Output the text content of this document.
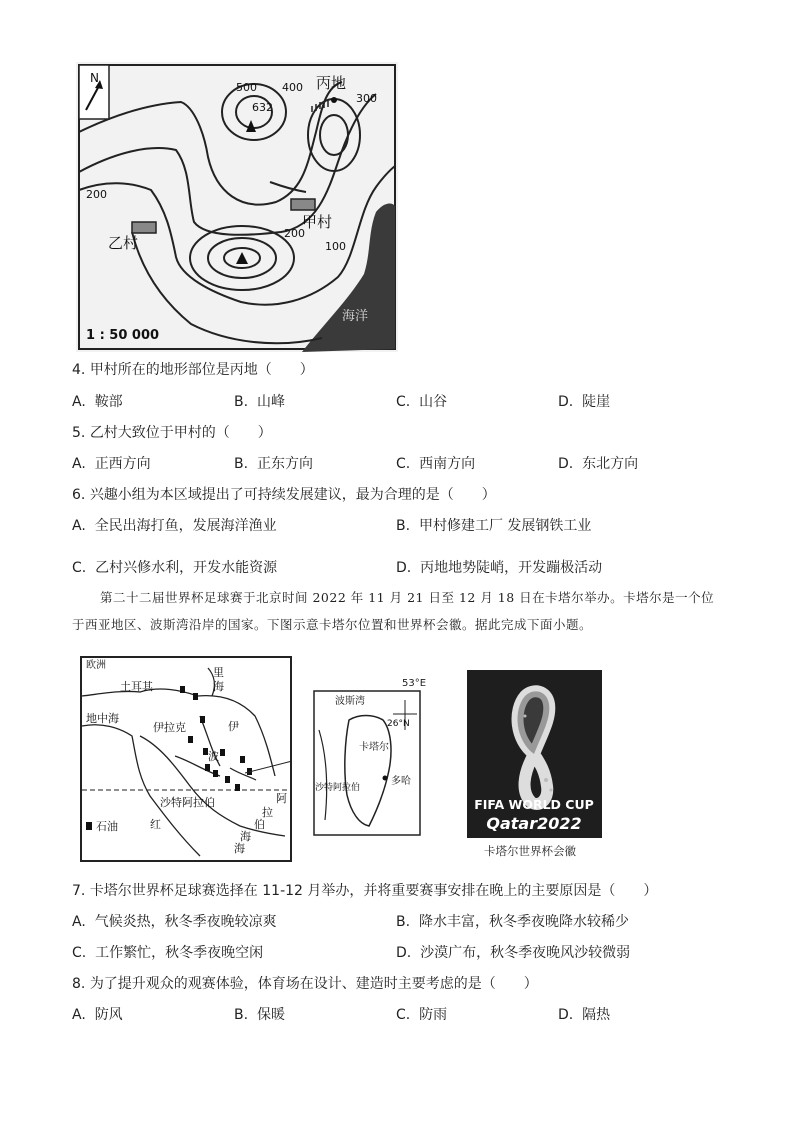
N
500
632
400
300
200
200
100
丙地
甲村
乙村
海洋
1 : 50 000
4. 甲村所在的地形部位是丙地（　　）
A. 鞍部	B. 山峰	C. 山谷	D. 陡崖
5. 乙村大致位于甲村的（　　）
A. 正西方向	B. 正东方向	C. 西南方向	D. 东北方向
6. 兴趣小组为本区域提出了可持续发展建议，最为合理的是（　　）
A. 全民出海打鱼，发展海洋渔业	B. 甲村修建工厂 发展钢铁工业
C. 乙村兴修水利，开发水能资源	D. 丙地地势陡峭，开发蹦极活动
第二十二届世界杯足球赛于北京时间 2022 年 11 月 21 日至 12 月 18 日在卡塔尔举办。卡塔尔是一个位于西亚地区、波斯湾沿岸的国家。下图示意卡塔尔位置和世界杯会徽。据此完成下面小题。
石油
欧洲
里
海
土耳其
地中海
伊拉克	伊
波
沙特阿拉伯
红
海
阿
拉
伯
海
波斯湾
26°N
卡塔尔
多哈
沙特阿拉伯
53°E
FIFA WORLD CUP
Qatar2022
卡塔尔世界杯会徽
7. 卡塔尔世界杯足球赛选择在 11-12 月举办，并将重要赛事安排在晚上的主要原因是（　　）
A. 气候炎热，秋冬季夜晚较凉爽	B. 降水丰富，秋冬季夜晚降水较稀少
C. 工作繁忙，秋冬季夜晚空闲	D. 沙漠广布，秋冬季夜晚风沙较微弱
8. 为了提升观众的观赛体验，体育场在设计、建造时主要考虑的是（　　）
A. 防风	B. 保暖	C. 防雨	D. 隔热
